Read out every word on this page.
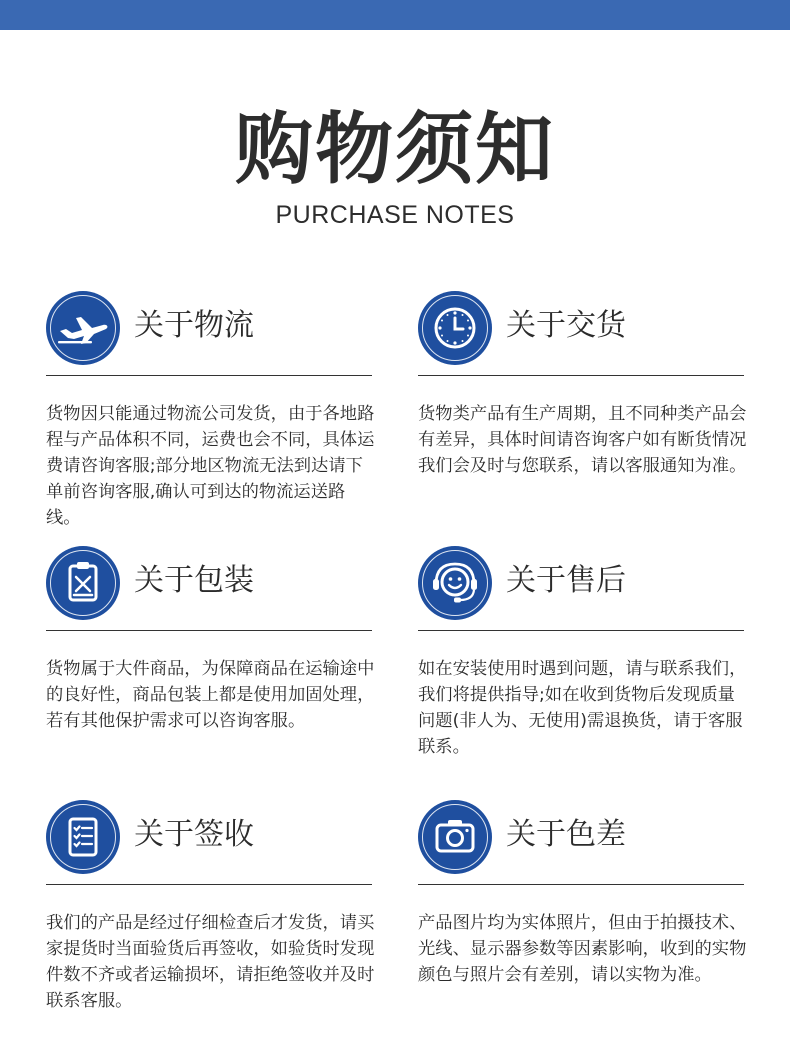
购物须知
PURCHASE NOTES
关于物流
货物因只能通过物流公司发货，由于各地路程与产品体积不同，运费也会不同，具体运费请咨询客服;部分地区物流无法到达请下单前咨询客服,确认可到达的物流运送路线。
关于交货
货物类产品有生产周期，且不同种类产品会有差异，具体时间请咨询客户如有断货情况我们会及时与您联系，请以客服通知为准。
关于包装
货物属于大件商品，为保障商品在运输途中的良好性，商品包装上都是使用加固处理，若有其他保护需求可以咨询客服。
关于售后
如在安装使用时遇到问题，请与联系我们，我们将提供指导;如在收到货物后发现质量问题(非人为、无使用)需退换货，请于客服联系。
关于签收
我们的产品是经过仔细检查后才发货，请买家提货时当面验货后再签收，如验货时发现件数不齐或者运输损坏，请拒绝签收并及时联系客服。
关于色差
产品图片均为实体照片，但由于拍摄技术、光线、显示器参数等因素影响，收到的实物颜色与照片会有差别，请以实物为准。
